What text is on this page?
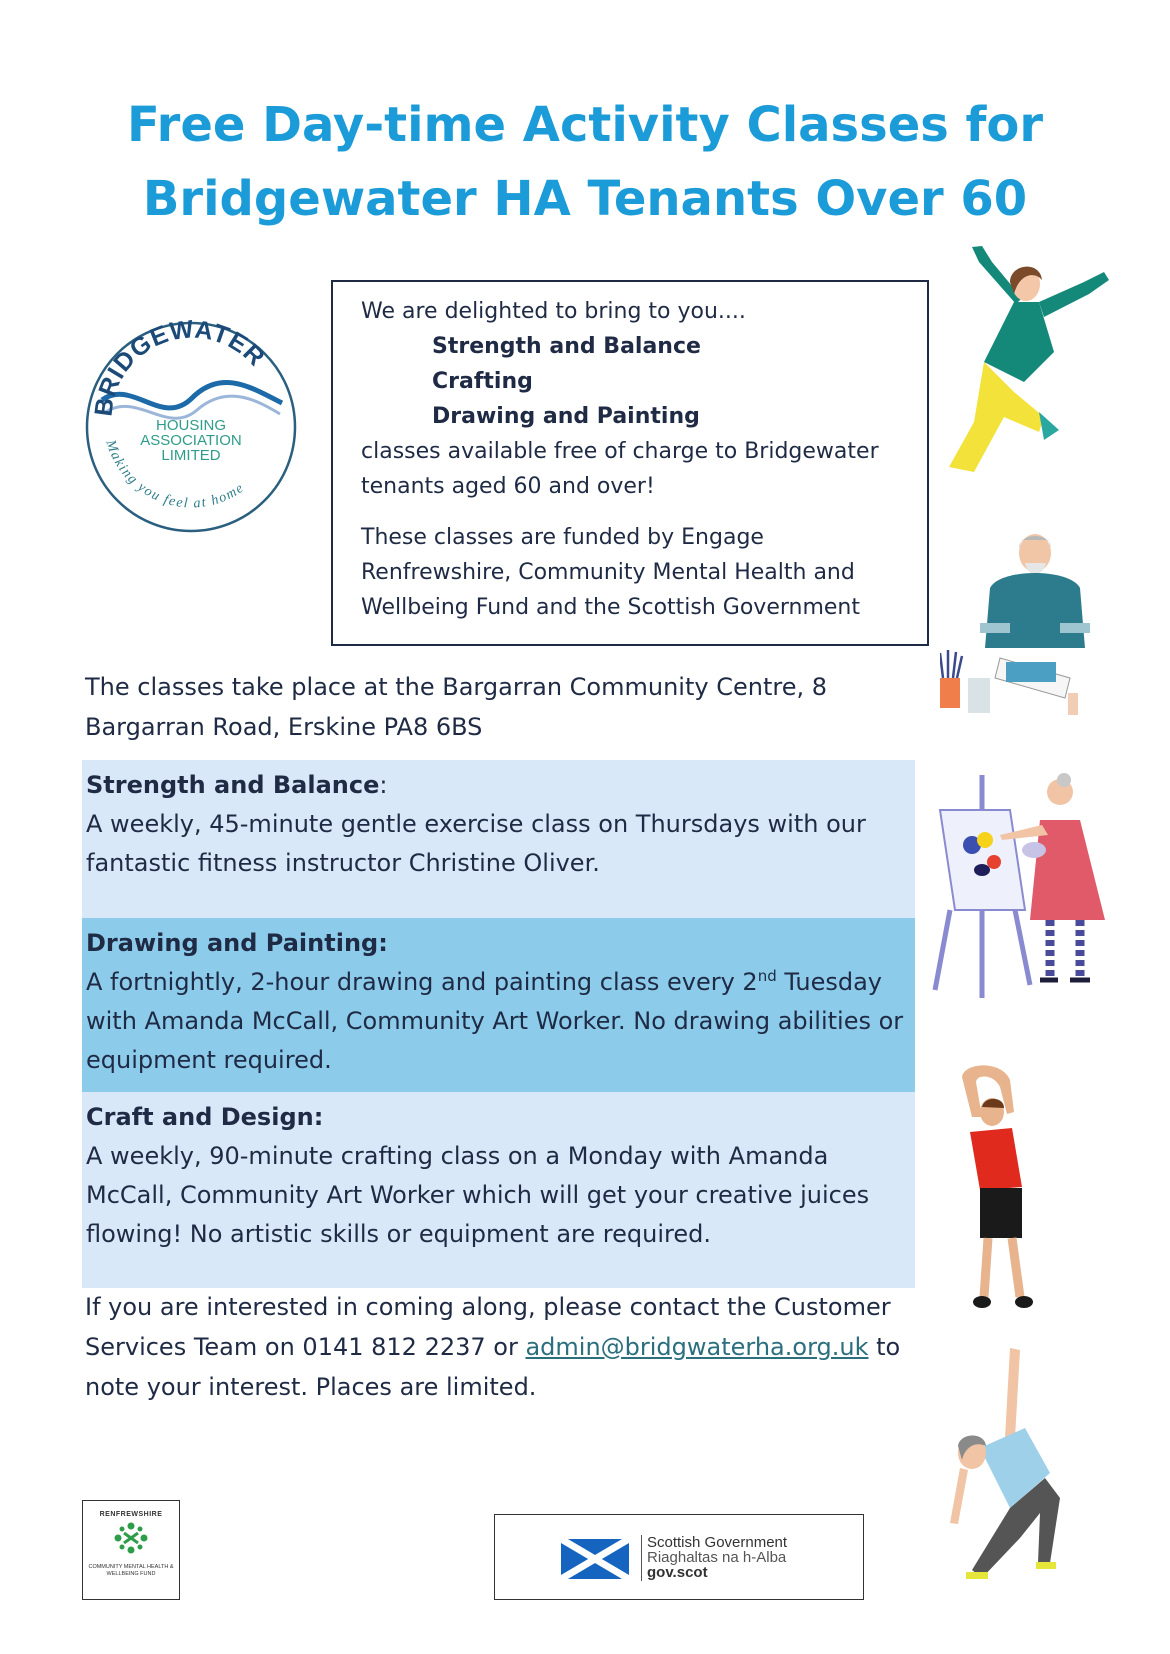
Free Day-time Activity Classes for
Bridgewater HA Tenants Over 60
BRIDGEWATER
HOUSING
ASSOCIATION
LIMITED
Making you feel at home

We are delighted to bring to you....

Strength and Balance

Crafting

Drawing and Painting

classes available free of charge to Bridgewater tenants aged 60 and over!

These classes are funded by Engage Renfrewshire, Community Mental Health and Wellbeing Fund and the Scottish Government

The classes take place at the Bargarran Community Centre, 8 Bargarran Road, Erskine PA8 6BS
Strength and Balance:
A weekly, 45-minute gentle exercise class on Thursdays with our fantastic fitness instructor Christine Oliver.
Drawing and Painting:
A fortnightly, 2-hour drawing and painting class every 2nd Tuesday with Amanda McCall, Community Art Worker. No drawing abilities or equipment required.
Craft and Design:
A weekly, 90-minute crafting class on a Monday with Amanda McCall, Community Art Worker which will get your creative juices flowing! No artistic skills or equipment are required.
If you are interested in coming along, please contact the Customer Services Team on 0141 812 2237 or admin@bridgwaterha.org.uk to note your interest. Places are limited.
RENFREWSHIRE
COMMUNITY MENTAL HEALTH & WELLBEING FUND
Scottish Government
Riaghaltas na h-Alba
gov.scot
